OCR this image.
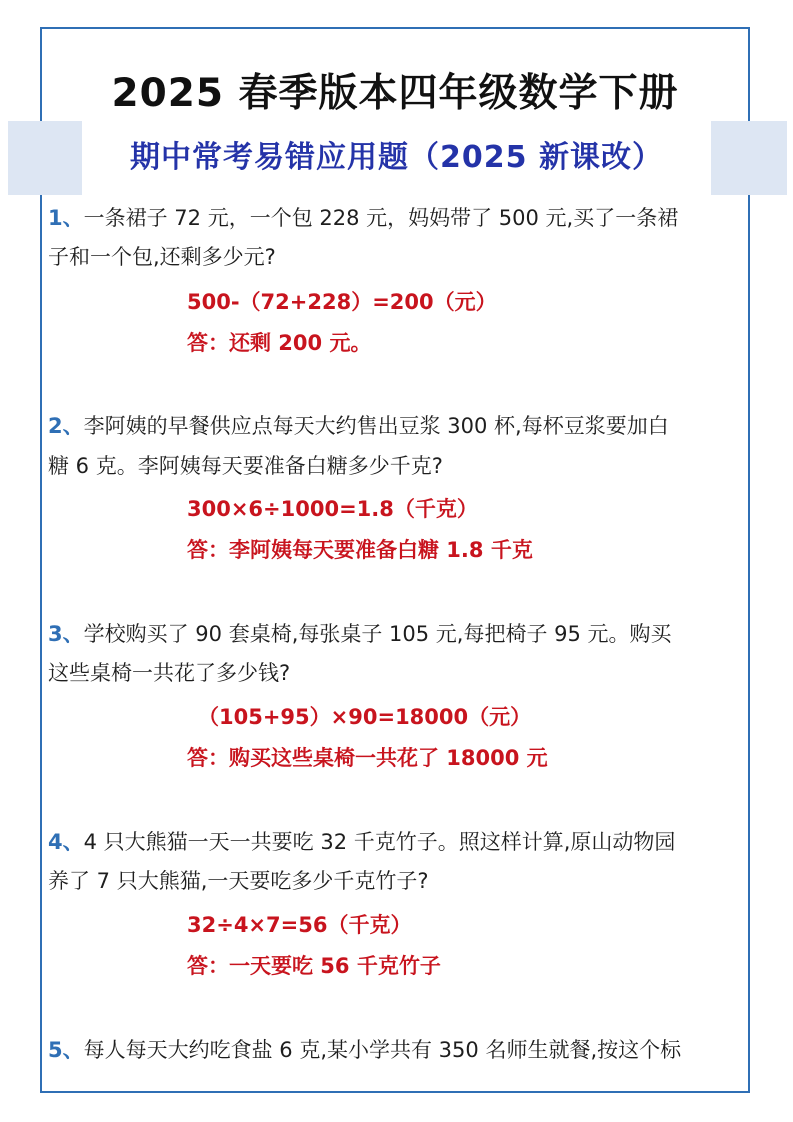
2025 春季版本四年级数学下册
期中常考易错应用题（2025 新课改）
1、一条裙子 72 元，一个包 228 元，妈妈带了 500 元,买了一条裙
子和一个包,还剩多少元?
500-（72+228）=200（元）
答：还剩 200 元。
2、李阿姨的早餐供应点每天大约售出豆浆 300 杯,每杯豆浆要加白
糖 6 克。李阿姨每天要准备白糖多少千克?
300×6÷1000=1.8（千克）
答：李阿姨每天要准备白糖 1.8 千克
3、学校购买了 90 套桌椅,每张桌子 105 元,每把椅子 95 元。购买
这些桌椅一共花了多少钱?
（105+95）×90=18000（元）
答：购买这些桌椅一共花了 18000 元
4、4 只大熊猫一天一共要吃 32 千克竹子。照这样计算,原山动物园
养了 7 只大熊猫,一天要吃多少千克竹子?
32÷4×7=56（千克）
答：一天要吃 56 千克竹子
5、每人每天大约吃食盐 6 克,某小学共有 350 名师生就餐,按这个标
